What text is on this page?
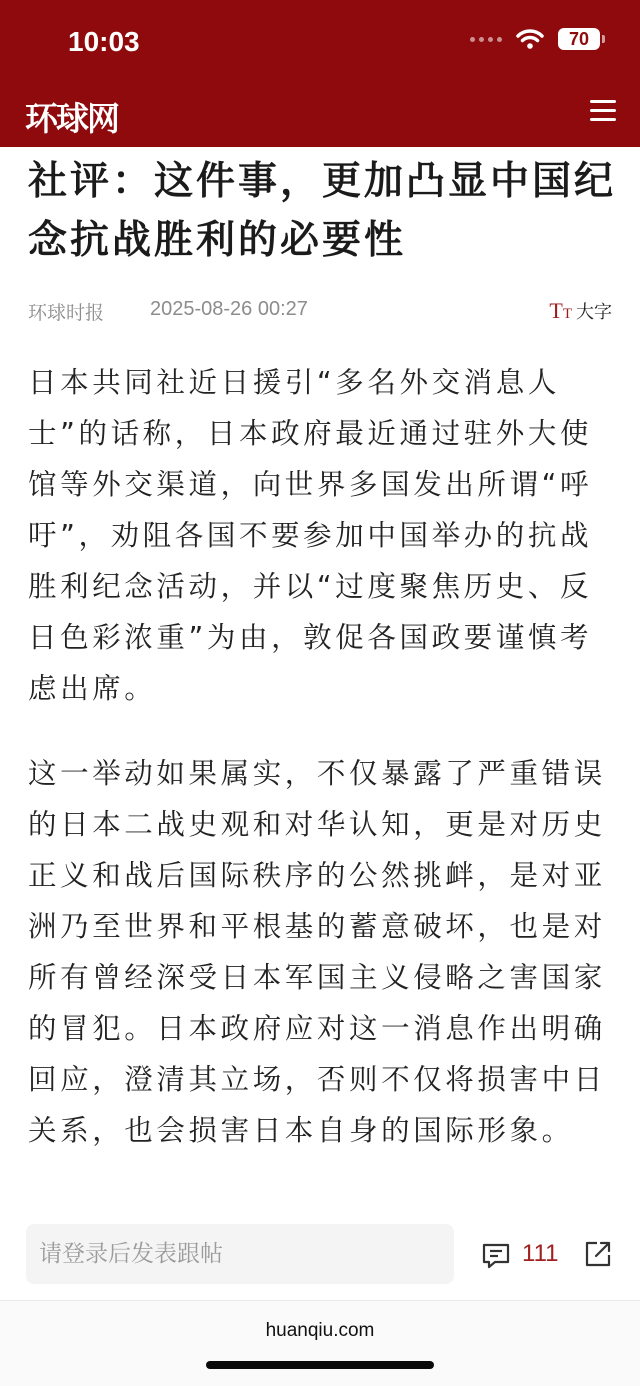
10:03	70
环球网
社评：这件事，更加凸显中国纪念抗战胜利的必要性
环球时报 2025-08-26 00:27	TT 大字

日本共同社近日援引“多名外交消息人士”的话称，日本政府最近通过驻外大使馆等外交渠道，向世界多国发出所谓“呼吁”，劝阻各国不要参加中国举办的抗战胜利纪念活动，并以“过度聚焦历史、反日色彩浓重”为由，敦促各国政要谨慎考虑出席。

这一举动如果属实，不仅暴露了严重错误的日本二战史观和对华认知，更是对历史正义和战后国际秩序的公然挑衅，是对亚洲乃至世界和平根基的蓄意破坏，也是对所有曾经深受日本军国主义侵略之害国家的冒犯。日本政府应对这一消息作出明确回应，澄清其立场，否则不仅将损害中日关系，也会损害日本自身的国际形象。

请登录后发表跟帖	111
huanqiu.com
